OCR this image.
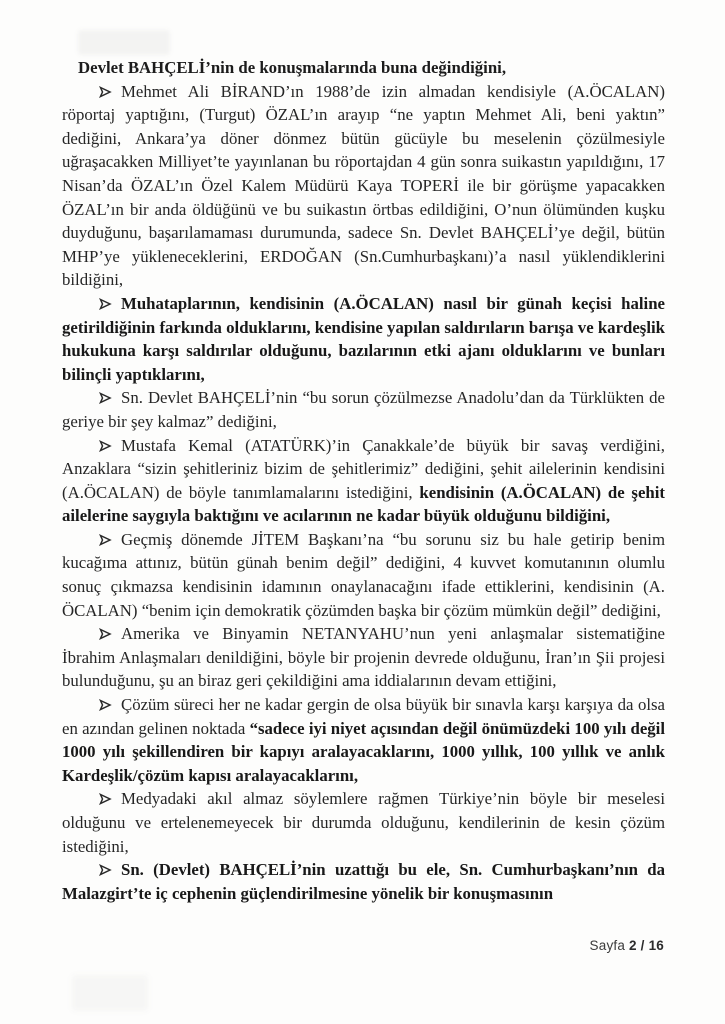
Devlet BAHÇELİ’nin de konuşmalarında buna değindiğini,

Mehmet Ali BİRAND’ın 1988’de izin almadan kendisiyle (A.ÖCALAN) röportaj yaptığını, (Turgut) ÖZAL’ın arayıp “ne yaptın Mehmet Ali, beni yaktın” dediğini, Ankara’ya döner dönmez bütün gücüyle bu meselenin çözülmesiyle uğraşacakken Milliyet’te yayınlanan bu röportajdan 4 gün sonra suikastın yapıldığını, 17 Nisan’da ÖZAL’ın Özel Kalem Müdürü Kaya TOPERİ ile bir görüşme yapacakken ÖZAL’ın bir anda öldüğünü ve bu suikastın örtbas edildiğini, O’nun ölümünden kuşku duyduğunu, başarılamaması durumunda, sadece Sn. Devlet BAHÇELİ’ye değil, bütün MHP’ye yükleneceklerini, ERDOĞAN (Sn.Cumhurbaşkanı)’a nasıl yüklendiklerini bildiğini,

Muhataplarının, kendisinin (A.ÖCALAN) nasıl bir günah keçisi haline getirildiğinin farkında olduklarını, kendisine yapılan saldırıların barışa ve kardeşlik hukukuna karşı saldırılar olduğunu, bazılarının etki ajanı olduklarını ve bunları bilinçli yaptıklarını,

Sn. Devlet BAHÇELİ’nin “bu sorun çözülmezse Anadolu’dan da Türklükten de geriye bir şey kalmaz” dediğini,

Mustafa Kemal (ATATÜRK)’in Çanakkale’de büyük bir savaş verdiğini, Anzaklara “sizin şehitleriniz bizim de şehitlerimiz” dediğini, şehit ailelerinin kendisini (A.ÖCALAN) de böyle tanımlamalarını istediğini, kendisinin (A.ÖCALAN) de şehit ailelerine saygıyla baktığını ve acılarının ne kadar büyük olduğunu bildiğini,

Geçmiş dönemde JİTEM Başkanı’na “bu sorunu siz bu hale getirip benim kucağıma attınız, bütün günah benim değil” dediğini, 4 kuvvet komutanının olumlu sonuç çıkmazsa kendisinin idamının onaylanacağını ifade ettiklerini, kendisinin (A. ÖCALAN) “benim için demokratik çözümden başka bir çözüm mümkün değil” dediğini,

Amerika ve Binyamin NETANYAHU’nun yeni anlaşmalar sistematiğine İbrahim Anlaşmaları denildiğini, böyle bir projenin devrede olduğunu, İran’ın Şii projesi bulunduğunu, şu an biraz geri çekildiğini ama iddialarının devam ettiğini,

Çözüm süreci her ne kadar gergin de olsa büyük bir sınavla karşı karşıya da olsa en azından gelinen noktada “sadece iyi niyet açısından değil önümüzdeki 100 yılı değil 1000 yılı şekillendiren bir kapıyı aralayacaklarını, 1000 yıllık, 100 yıllık ve anlık Kardeşlik/çözüm kapısı aralayacaklarını,

Medyadaki akıl almaz söylemlere rağmen Türkiye’nin böyle bir meselesi olduğunu ve ertelenemeyecek bir durumda olduğunu, kendilerinin de kesin çözüm istediğini,

Sn. (Devlet) BAHÇELİ’nin uzattığı bu ele, Sn. Cumhurbaşkanı’nın da Malazgirt’te iç cephenin güçlendirilmesine yönelik bir konuşmasının

Sayfa 2 / 16
